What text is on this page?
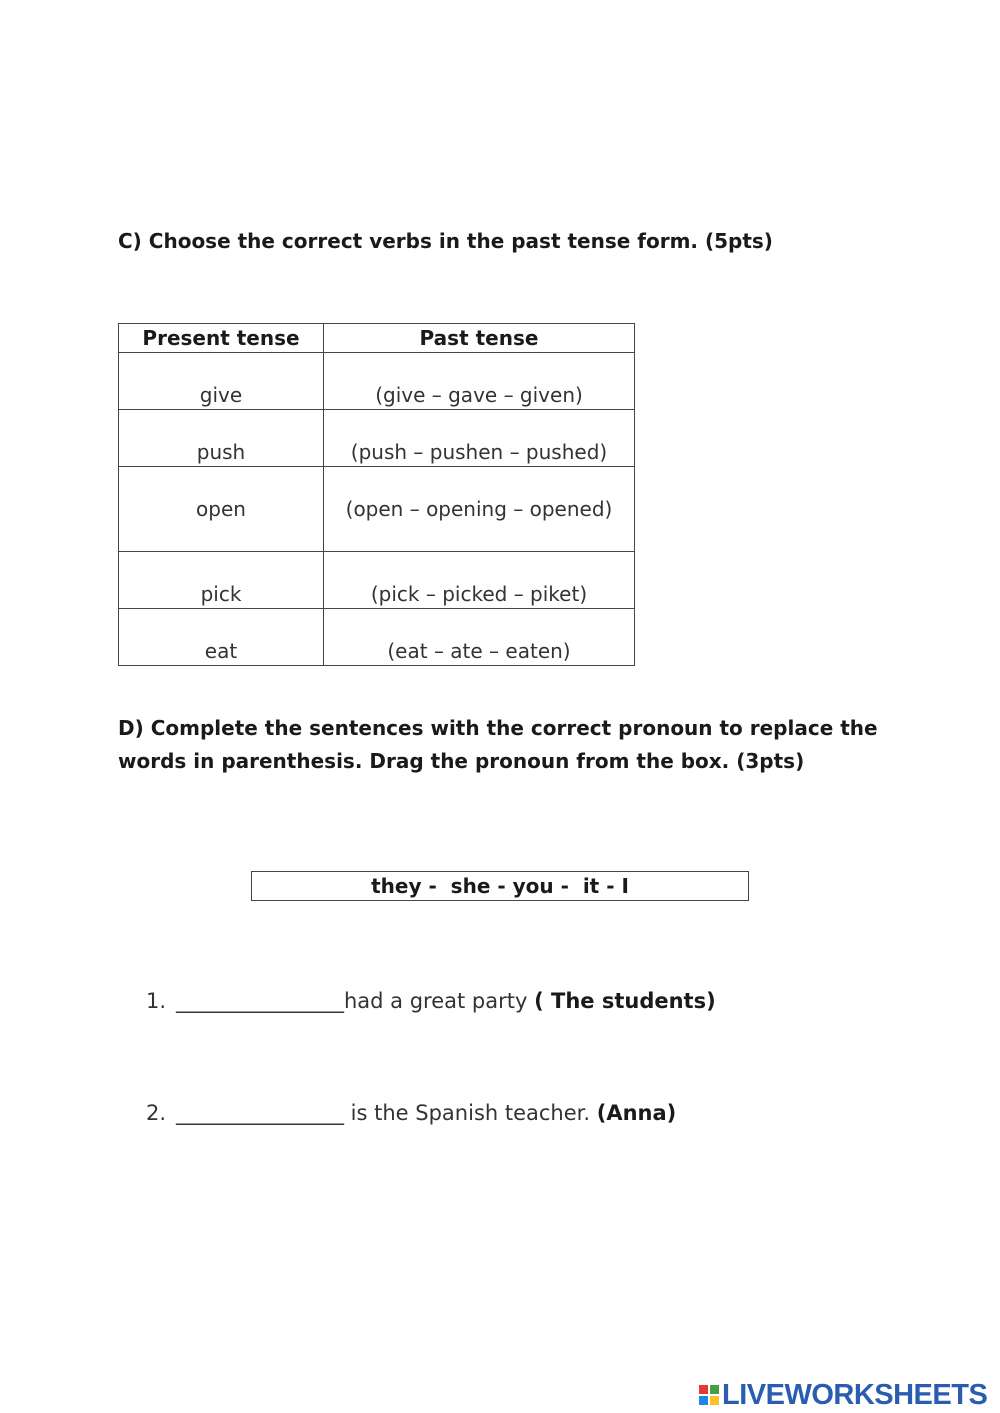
C) Choose the correct verbs in the past tense form. (5pts)
Present tense	Past tense
give	(give – gave – given)
push	(push – pushen – pushed)
open	(open – opening – opened)
pick	(pick – picked – piket)
eat	(eat – ate – eaten)
D) Complete the sentences with the correct pronoun to replace the words in parenthesis. Drag the pronoun from the box. (3pts)
they -  she - you -  it - I
1. ________________had a great party ( The students)
2. ________________ is the Spanish teacher. (Anna)
LIVEWORKSHEETS
